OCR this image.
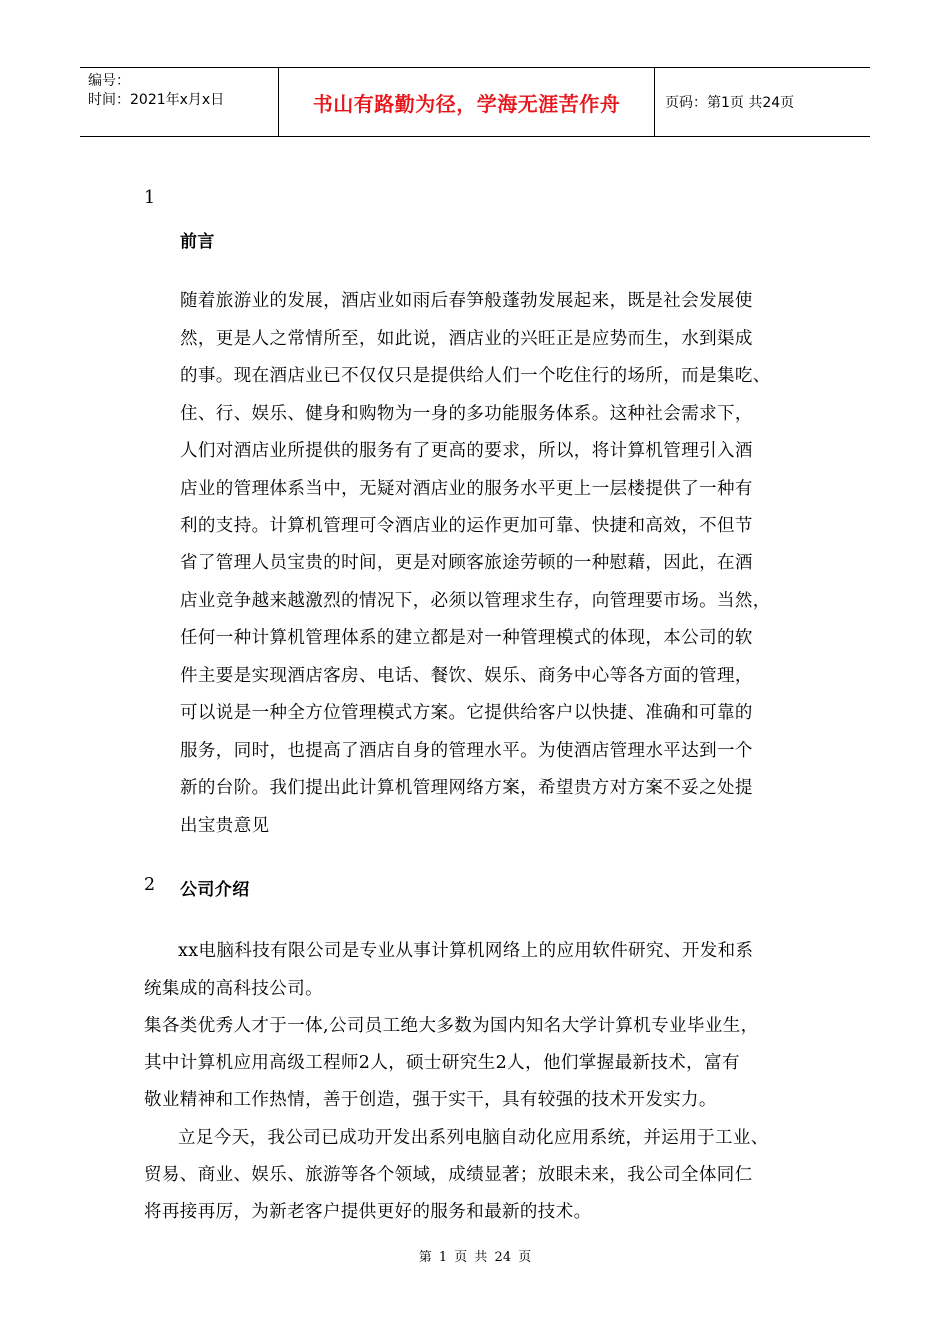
编号：
时间：2021年x月x日	书山有路勤为径，学海无涯苦作舟	页码：第1页 共24页
1
前言
随着旅游业的发展，酒店业如雨后春笋般蓬勃发展起来，既是社会发展使
然，更是人之常情所至，如此说，酒店业的兴旺正是应势而生，水到渠成
的事。现在酒店业已不仅仅只是提供给人们一个吃住行的场所，而是集吃、
住、行、娱乐、健身和购物为一身的多功能服务体系。这种社会需求下，
人们对酒店业所提供的服务有了更高的要求，所以，将计算机管理引入酒
店业的管理体系当中，无疑对酒店业的服务水平更上一层楼提供了一种有
利的支持。计算机管理可令酒店业的运作更加可靠、快捷和高效，不但节
省了管理人员宝贵的时间，更是对顾客旅途劳顿的一种慰藉，因此，在酒
店业竞争越来越激烈的情况下，必须以管理求生存，向管理要市场。当然，
任何一种计算机管理体系的建立都是对一种管理模式的体现，本公司的软
件主要是实现酒店客房、电话、餐饮、娱乐、商务中心等各方面的管理，
可以说是一种全方位管理模式方案。它提供给客户以快捷、准确和可靠的
服务，同时，也提高了酒店自身的管理水平。为使酒店管理水平达到一个
新的台阶。我们提出此计算机管理网络方案，希望贵方对方案不妥之处提
出宝贵意见
2 公司介绍
xx电脑科技有限公司是专业从事计算机网络上的应用软件研究、开发和系
统集成的高科技公司。
集各类优秀人才于一体,公司员工绝大多数为国内知名大学计算机专业毕业生，
其中计算机应用高级工程师2人，硕士研究生2人，他们掌握最新技术，富有
敬业精神和工作热情，善于创造，强于实干，具有较强的技术开发实力。
立足今天，我公司已成功开发出系列电脑自动化应用系统，并运用于工业、
贸易、商业、娱乐、旅游等各个领域，成绩显著；放眼未来，我公司全体同仁
将再接再厉，为新老客户提供更好的服务和最新的技术。
第 1 页 共 24 页
